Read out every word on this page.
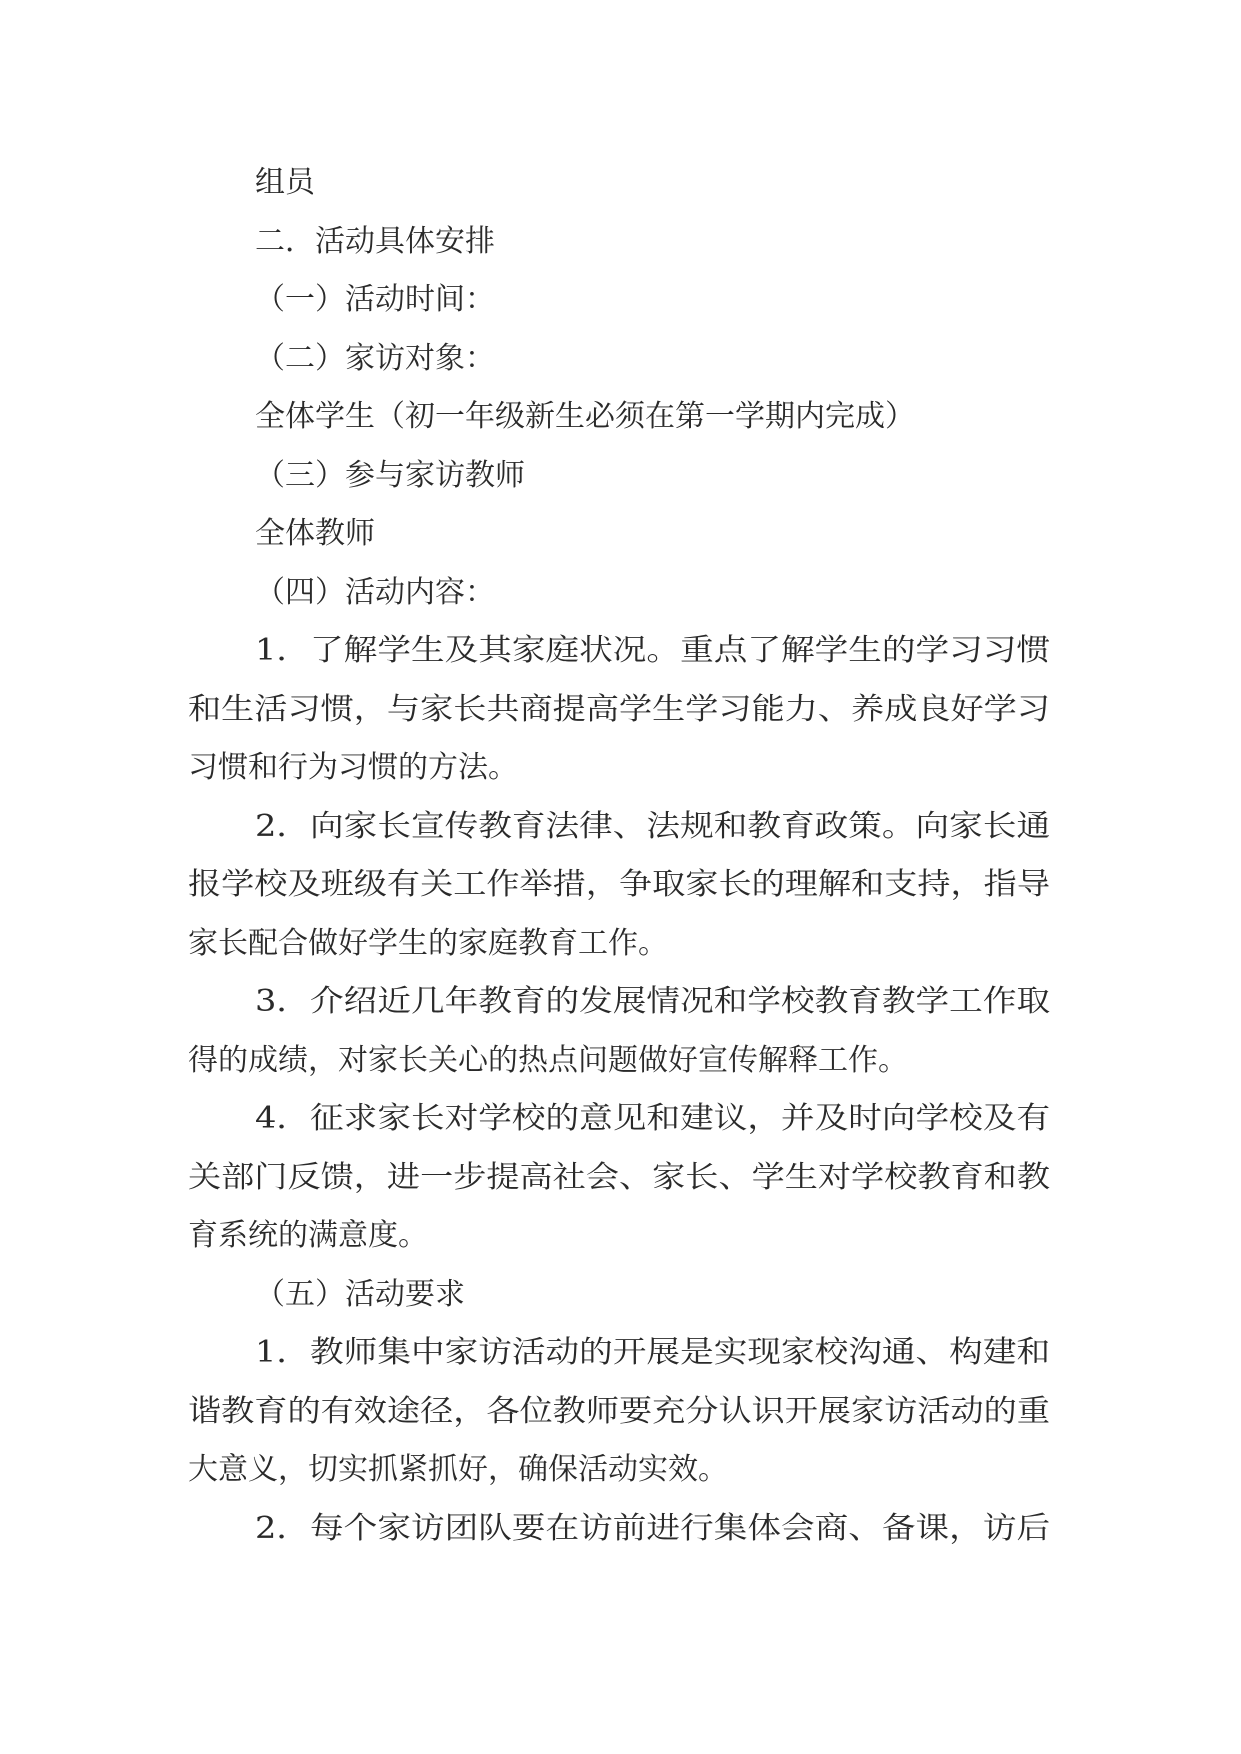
组员

二．活动具体安排

（一）活动时间：

（二）家访对象：

全体学生（初一年级新生必须在第一学期内完成）

（三）参与家访教师

全体教师

（四）活动内容：

1．了解学生及其家庭状况。重点了解学生的学习习惯

和生活习惯，与家长共商提高学生学习能力、养成良好学习

习惯和行为习惯的方法。

2．向家长宣传教育法律、法规和教育政策。向家长通

报学校及班级有关工作举措，争取家长的理解和支持，指导

家长配合做好学生的家庭教育工作。

3．介绍近几年教育的发展情况和学校教育教学工作取

得的成绩，对家长关心的热点问题做好宣传解释工作。

4．征求家长对学校的意见和建议，并及时向学校及有

关部门反馈，进一步提高社会、家长、学生对学校教育和教

育系统的满意度。

（五）活动要求

1．教师集中家访活动的开展是实现家校沟通、构建和

谐教育的有效途径，各位教师要充分认识开展家访活动的重

大意义，切实抓紧抓好，确保活动实效。

2．每个家访团队要在访前进行集体会商、备课，访后
